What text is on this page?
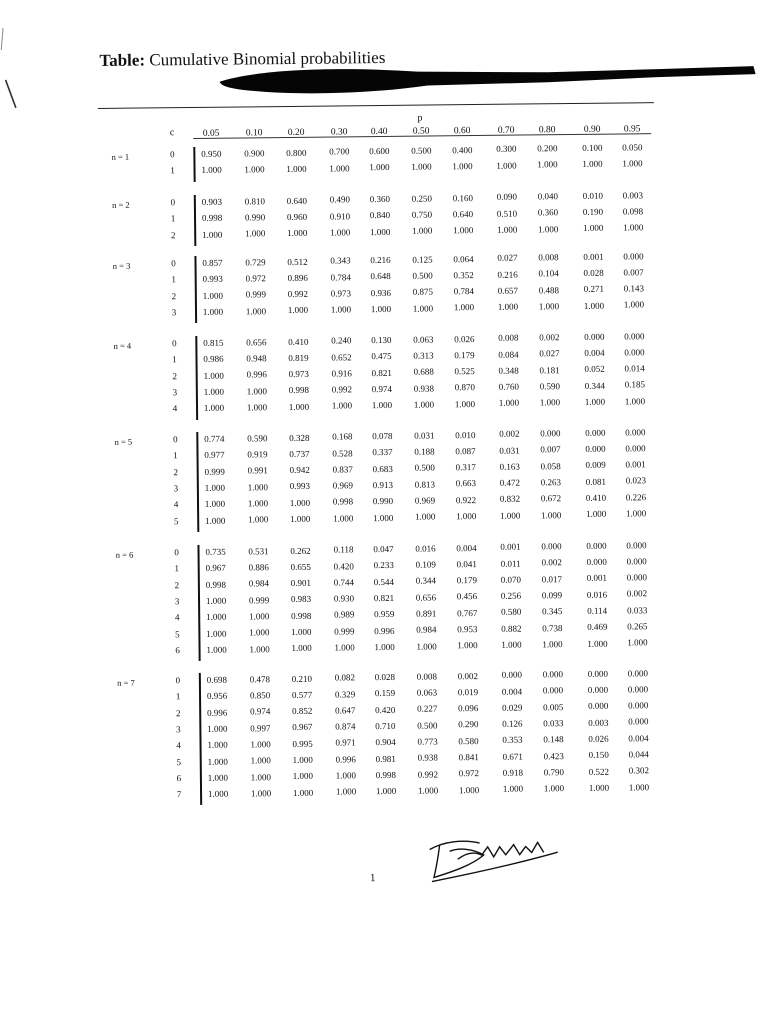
Table: Cumulative Binomial probabilities
p
c	0.05	0.10	0.20	0.30	0.40	0.50	0.60	0.70	0.80	0.90	0.95
n = 1	0	0.950	0.900	0.800	0.700	0.600	0.500	0.400	0.300	0.200	0.100	0.050
1	1.000	1.000	1.000	1.000	1.000	1.000	1.000	1.000	1.000	1.000	1.000
n = 2	0	0.903	0.810	0.640	0.490	0.360	0.250	0.160	0.090	0.040	0.010	0.003
1	0.998	0.990	0.960	0.910	0.840	0.750	0.640	0.510	0.360	0.190	0.098
2	1.000	1.000	1.000	1.000	1.000	1.000	1.000	1.000	1.000	1.000	1.000
n = 3	0	0.857	0.729	0.512	0.343	0.216	0.125	0.064	0.027	0.008	0.001	0.000
1	0.993	0.972	0.896	0.784	0.648	0.500	0.352	0.216	0.104	0.028	0.007
2	1.000	0.999	0.992	0.973	0.936	0.875	0.784	0.657	0.488	0.271	0.143
3	1.000	1.000	1.000	1.000	1.000	1.000	1.000	1.000	1.000	1.000	1.000
n = 4	0	0.815	0.656	0.410	0.240	0.130	0.063	0.026	0.008	0.002	0.000	0.000
1	0.986	0.948	0.819	0.652	0.475	0.313	0.179	0.084	0.027	0.004	0.000
2	1.000	0.996	0.973	0.916	0.821	0.688	0.525	0.348	0.181	0.052	0.014
3	1.000	1.000	0.998	0.992	0.974	0.938	0.870	0.760	0.590	0.344	0.185
4	1.000	1.000	1.000	1.000	1.000	1.000	1.000	1.000	1.000	1.000	1.000
n = 5	0	0.774	0.590	0.328	0.168	0.078	0.031	0.010	0.002	0.000	0.000	0.000
1	0.977	0.919	0.737	0.528	0.337	0.188	0.087	0.031	0.007	0.000	0.000
2	0.999	0.991	0.942	0.837	0.683	0.500	0.317	0.163	0.058	0.009	0.001
3	1.000	1.000	0.993	0.969	0.913	0.813	0.663	0.472	0.263	0.081	0.023
4	1.000	1.000	1.000	0.998	0.990	0.969	0.922	0.832	0.672	0.410	0.226
5	1.000	1.000	1.000	1.000	1.000	1.000	1.000	1.000	1.000	1.000	1.000
n = 6	0	0.735	0.531	0.262	0.118	0.047	0.016	0.004	0.001	0.000	0.000	0.000
1	0.967	0.886	0.655	0.420	0.233	0.109	0.041	0.011	0.002	0.000	0.000
2	0.998	0.984	0.901	0.744	0.544	0.344	0.179	0.070	0.017	0.001	0.000
3	1.000	0.999	0.983	0.930	0.821	0.656	0.456	0.256	0.099	0.016	0.002
4	1.000	1.000	0.998	0.989	0.959	0.891	0.767	0.580	0.345	0.114	0.033
5	1.000	1.000	1.000	0.999	0.996	0.984	0.953	0.882	0.738	0.469	0.265
6	1.000	1.000	1.000	1.000	1.000	1.000	1.000	1.000	1.000	1.000	1.000
n = 7	0	0.698	0.478	0.210	0.082	0.028	0.008	0.002	0.000	0.000	0.000	0.000
1	0.956	0.850	0.577	0.329	0.159	0.063	0.019	0.004	0.000	0.000	0.000
2	0.996	0.974	0.852	0.647	0.420	0.227	0.096	0.029	0.005	0.000	0.000
3	1.000	0.997	0.967	0.874	0.710	0.500	0.290	0.126	0.033	0.003	0.000
4	1.000	1.000	0.995	0.971	0.904	0.773	0.580	0.353	0.148	0.026	0.004
5	1.000	1.000	1.000	0.996	0.981	0.938	0.841	0.671	0.423	0.150	0.044
6	1.000	1.000	1.000	1.000	0.998	0.992	0.972	0.918	0.790	0.522	0.302
7	1.000	1.000	1.000	1.000	1.000	1.000	1.000	1.000	1.000	1.000	1.000
1
